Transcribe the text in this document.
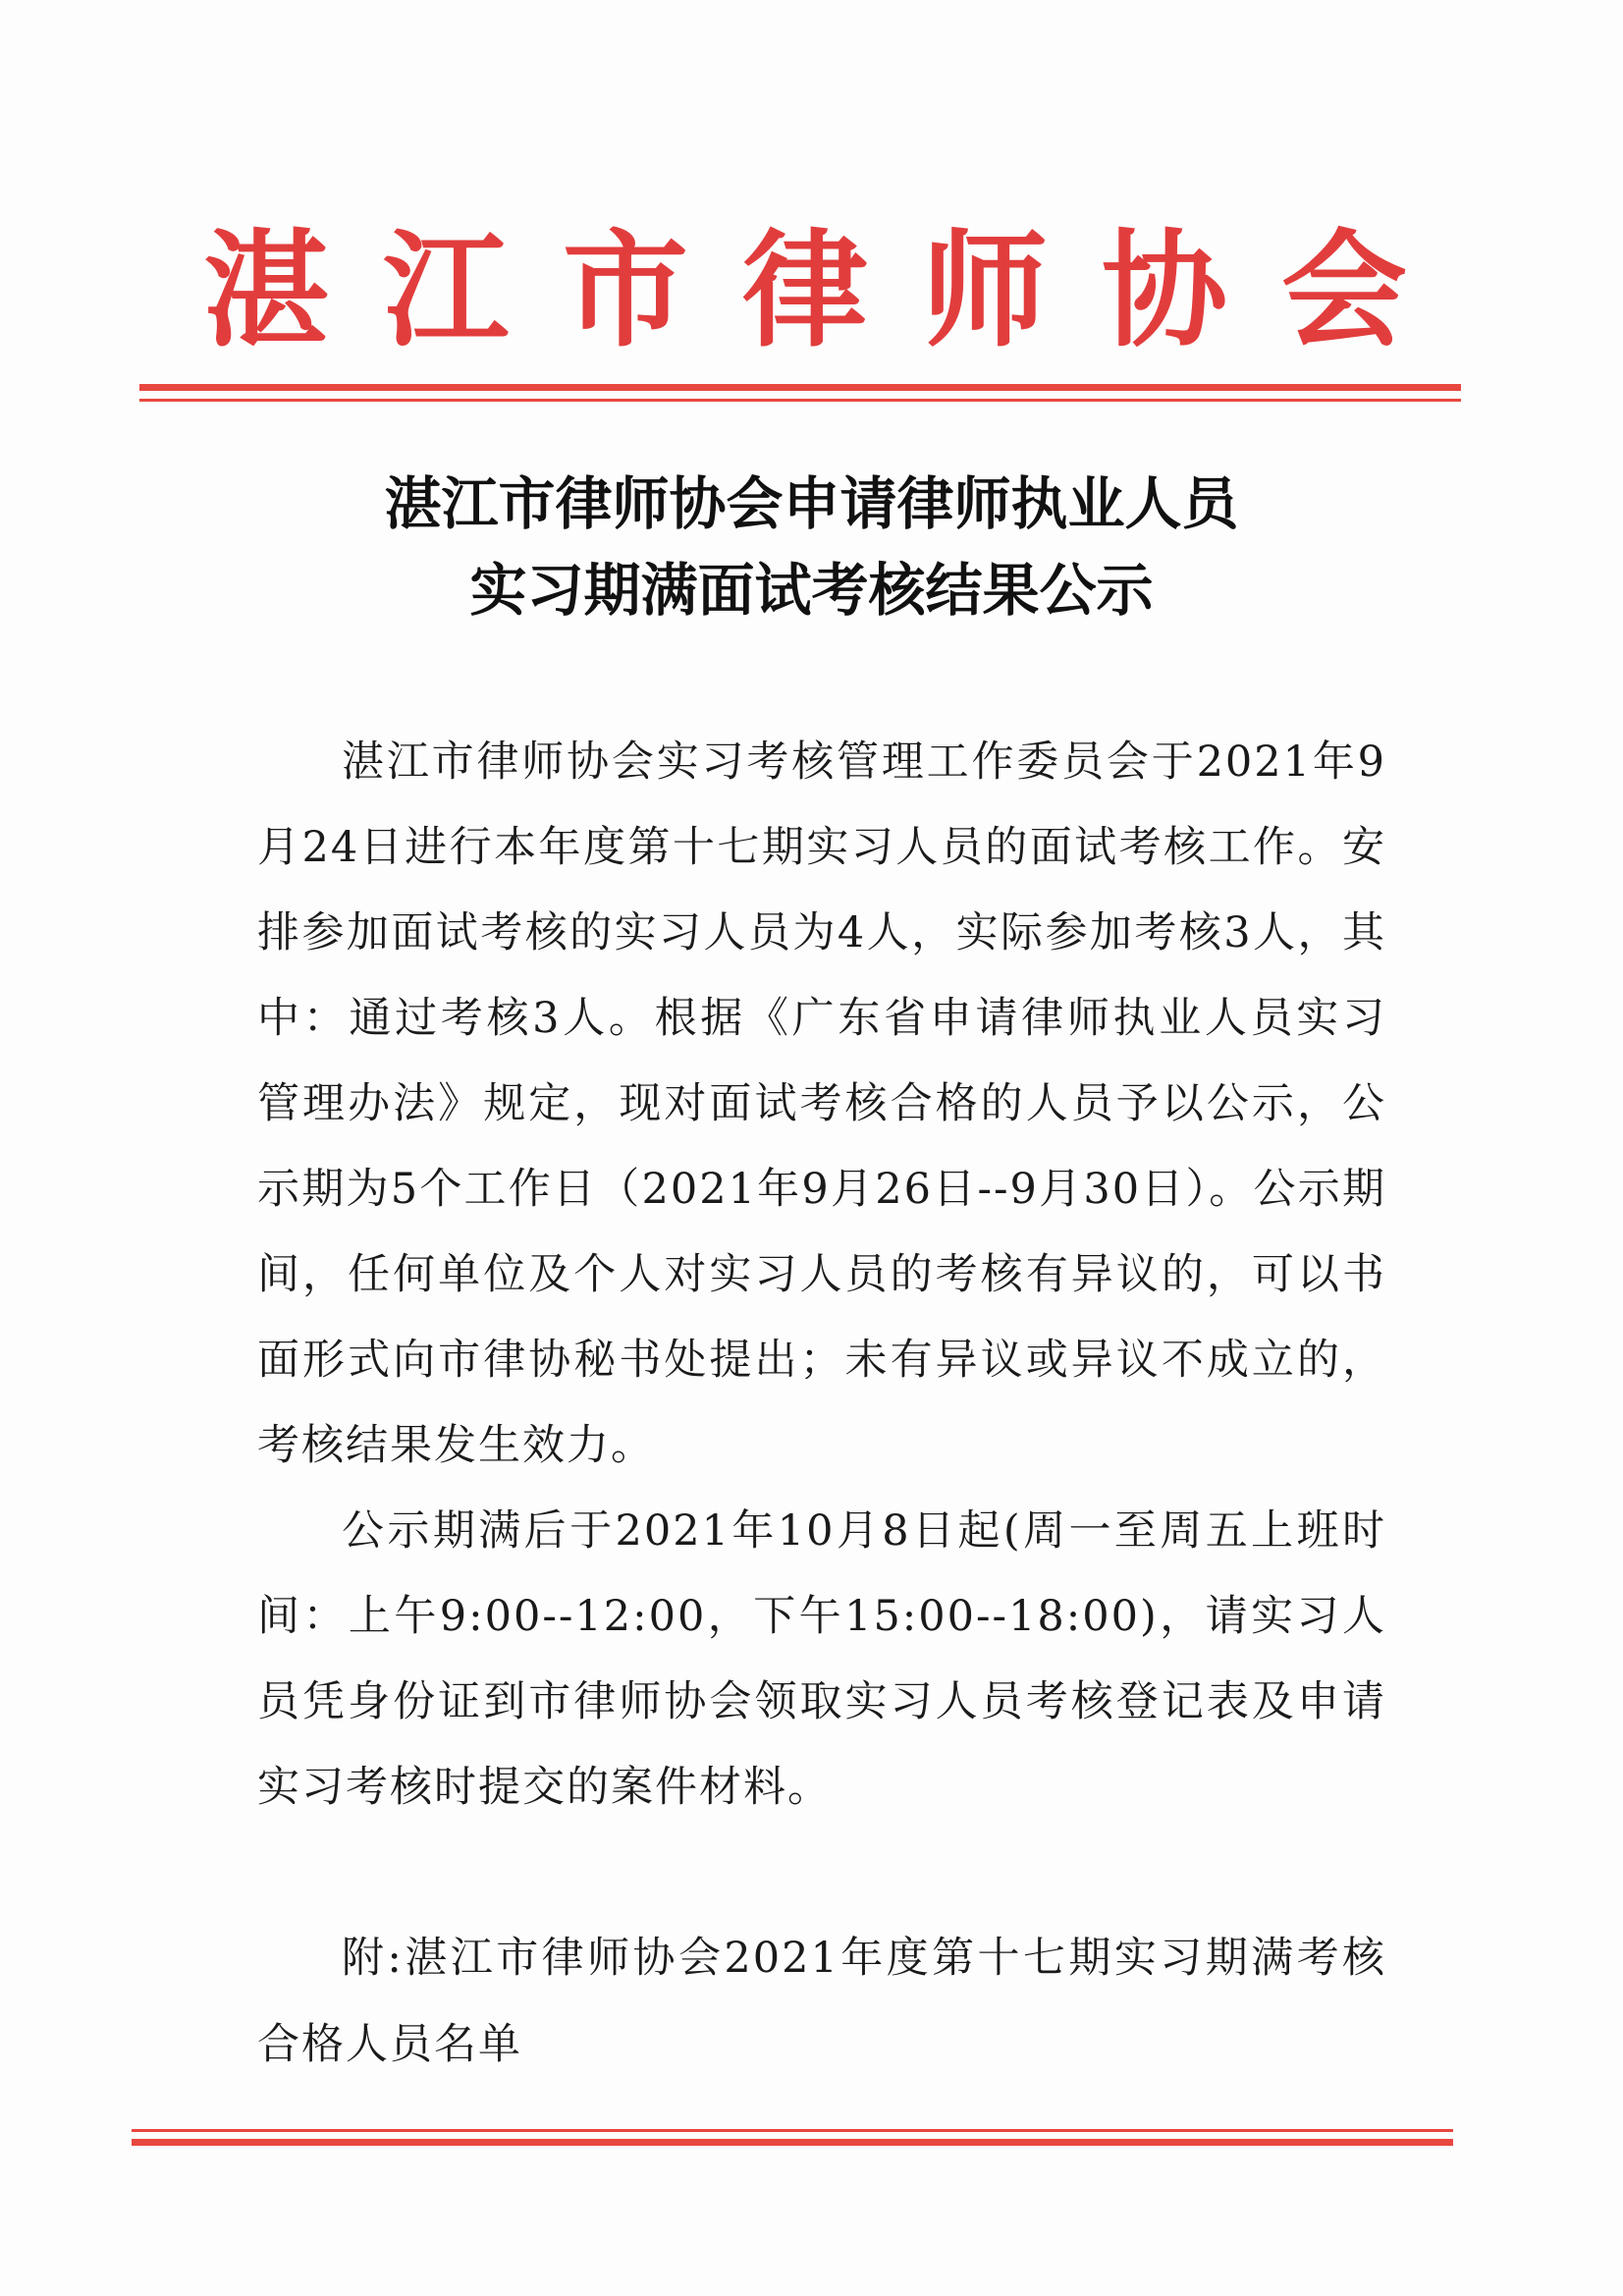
湛江市律师协会
湛江市律师协会申请律师执业人员
实习期满面试考核结果公示

湛江市律师协会实习考核管理工作委员会于2021年9月24日进行本年度第十七期实习人员的面试考核工作。安排参加面试考核的实习人员为4人，实际参加考核3人，其中：通过考核3人。根据《广东省申请律师执业人员实习管理办法》规定，现对面试考核合格的人员予以公示，公示期为5个工作日（2021年9月26日--9月30日）。公示期间，任何单位及个人对实习人员的考核有异议的，可以书面形式向市律协秘书处提出；未有异议或异议不成立的，考核结果发生效力。

公示期满后于2021年10月8日起(周一至周五上班时间：上午9:00--12:00，下午15:00--18:00)，请实习人员凭身份证到市律师协会领取实习人员考核登记表及申请实习考核时提交的案件材料。

附:湛江市律师协会2021年度第十七期实习期满考核合格人员名单
